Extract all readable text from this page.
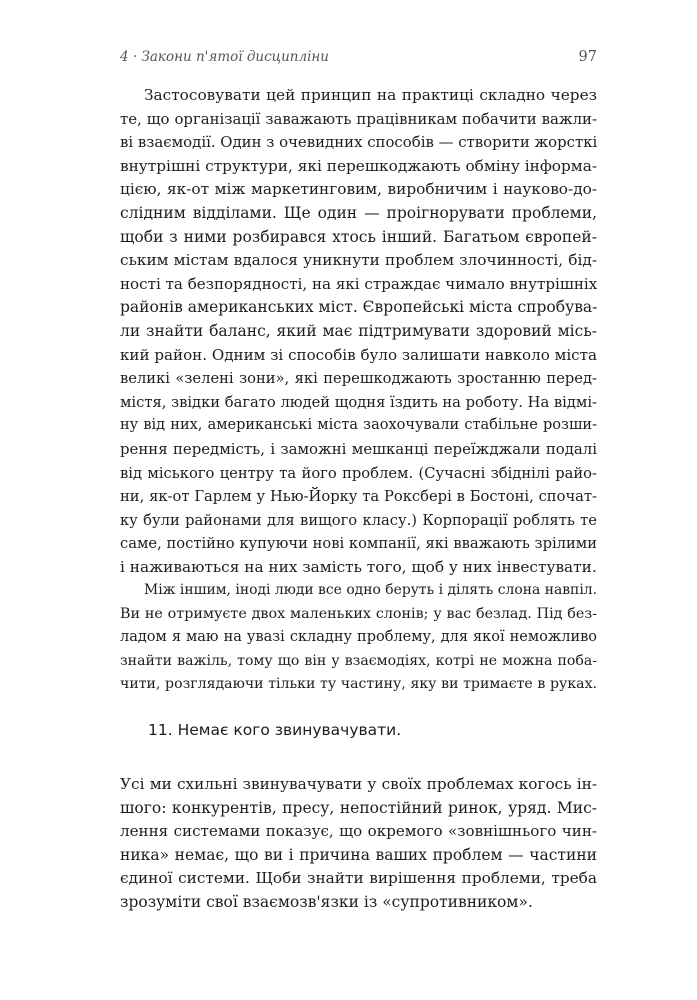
4 · Закони п'ятої дисципліни	97
Застосовувати цей принцип на практиці складно через
те, що організації заважають працівникам побачити важли-
ві взаємодії. Один з очевидних способів — створити жорсткі
внутрішні структури, які перешкоджають обміну інформа-
цією, як-от між маркетинговим, виробничим і науково-до-
слідним відділами. Ще один — проігнорувати проблеми,
щоби з ними розбирався хтось інший. Багатьом європей-
ським містам вдалося уникнути проблем злочинності, бід-
ності та безпорядності, на які страждає чимало внутрішніх
районів американських міст. Європейські міста спробува-
ли знайти баланс, який має підтримувати здоровий місь-
кий район. Одним зі способів було залишати навколо міста
великі «зелені зони», які перешкоджають зростанню перед-
містя, звідки багато людей щодня їздить на роботу. На відмі-
ну від них, американські міста заохочували стабільне розши-
рення передмість, і заможні мешканці переїжджали подалі
від міського центру та його проблем. (Сучасні збіднілі райо-
ни, як-от Гарлем у Нью-Йорку та Роксбері в Бостоні, спочат-
ку були районами для вищого класу.) Корпорації роблять те
саме, постійно купуючи нові компанії, які вважають зрілими
і наживаються на них замість того, щоб у них інвестувати.
Між іншим, іноді люди все одно беруть і ділять слона навпіл.
Ви не отримуєте двох маленьких слонів; у вас безлад. Під без-
ладом я маю на увазі складну проблему, для якої неможливо
знайти важіль, тому що він у взаємодіях, котрі не можна поба-
чити, розглядаючи тільки ту частину, яку ви тримаєте в руках.
11. Немає кого звинувачувати.
Усі ми схильні звинувачувати у своїх проблемах когось ін-
шого: конкурентів, пресу, непостійний ринок, уряд. Мис-
лення системами показує, що окремого «зовнішнього чин-
ника» немає, що ви і причина ваших проблем — частини
єдиної системи. Щоби знайти вирішення проблеми, треба
зрозуміти свої взаємозв'язки із «супротивником».
